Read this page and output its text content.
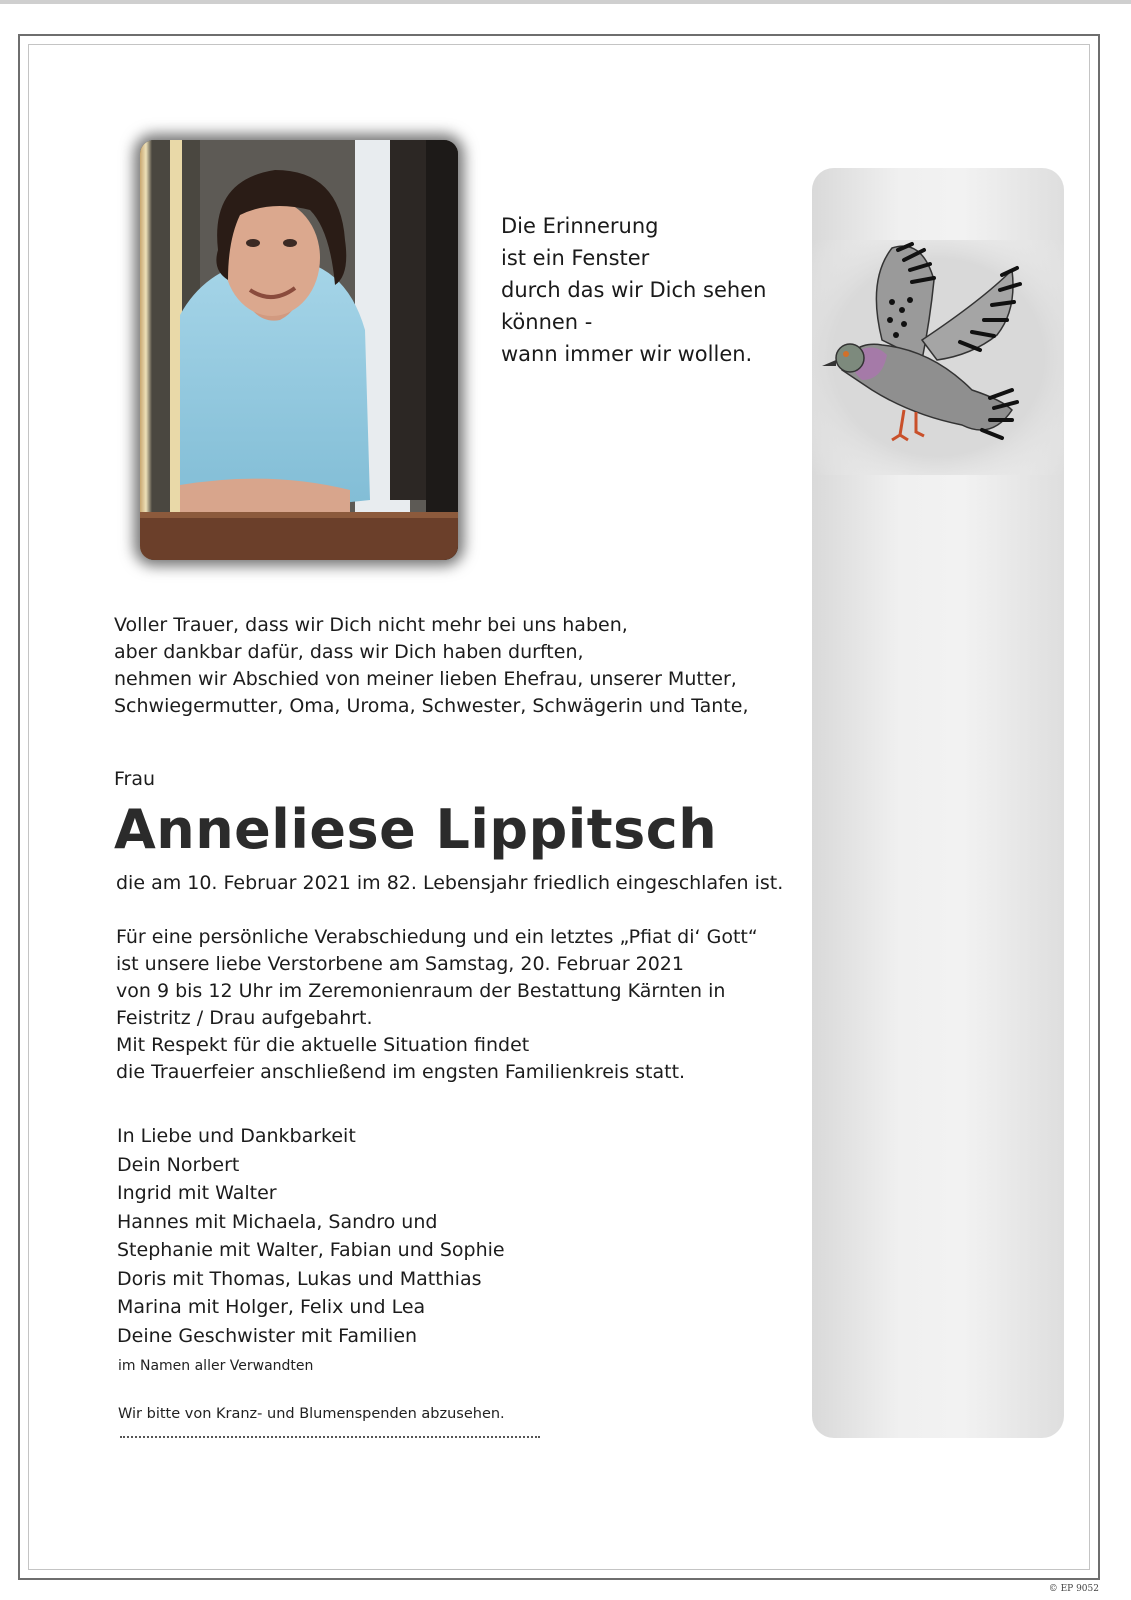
Die Erinnerung
ist ein Fenster
durch das wir Dich sehen
können -
wann immer wir wollen.
Voller Trauer, dass wir Dich nicht mehr bei uns haben,
aber dankbar dafür, dass wir Dich haben durften,
nehmen wir Abschied von meiner lieben Ehefrau, unserer Mutter,
Schwiegermutter, Oma, Uroma, Schwester, Schwägerin und Tante,
Frau
Anneliese Lippitsch
die am 10. Februar 2021 im 82. Lebensjahr friedlich eingeschlafen ist.
Für eine persönliche Verabschiedung und ein letztes „Pfiat di‘ Gott“
ist unsere liebe Verstorbene am Samstag, 20. Februar 2021
von 9 bis 12 Uhr im Zeremonienraum der Bestattung Kärnten in
Feistritz / Drau aufgebahrt.
Mit Respekt für die aktuelle Situation findet
die Trauerfeier anschließend im engsten Familienkreis statt.
In Liebe und Dankbarkeit
Dein Norbert
Ingrid mit Walter
Hannes mit Michaela, Sandro und
Stephanie mit Walter, Fabian und Sophie
Doris mit Thomas, Lukas und Matthias
Marina mit Holger, Felix und Lea
Deine Geschwister mit Familien
im Namen aller Verwandten
Wir bitte von Kranz- und Blumenspenden abzusehen.
© EP 9052
